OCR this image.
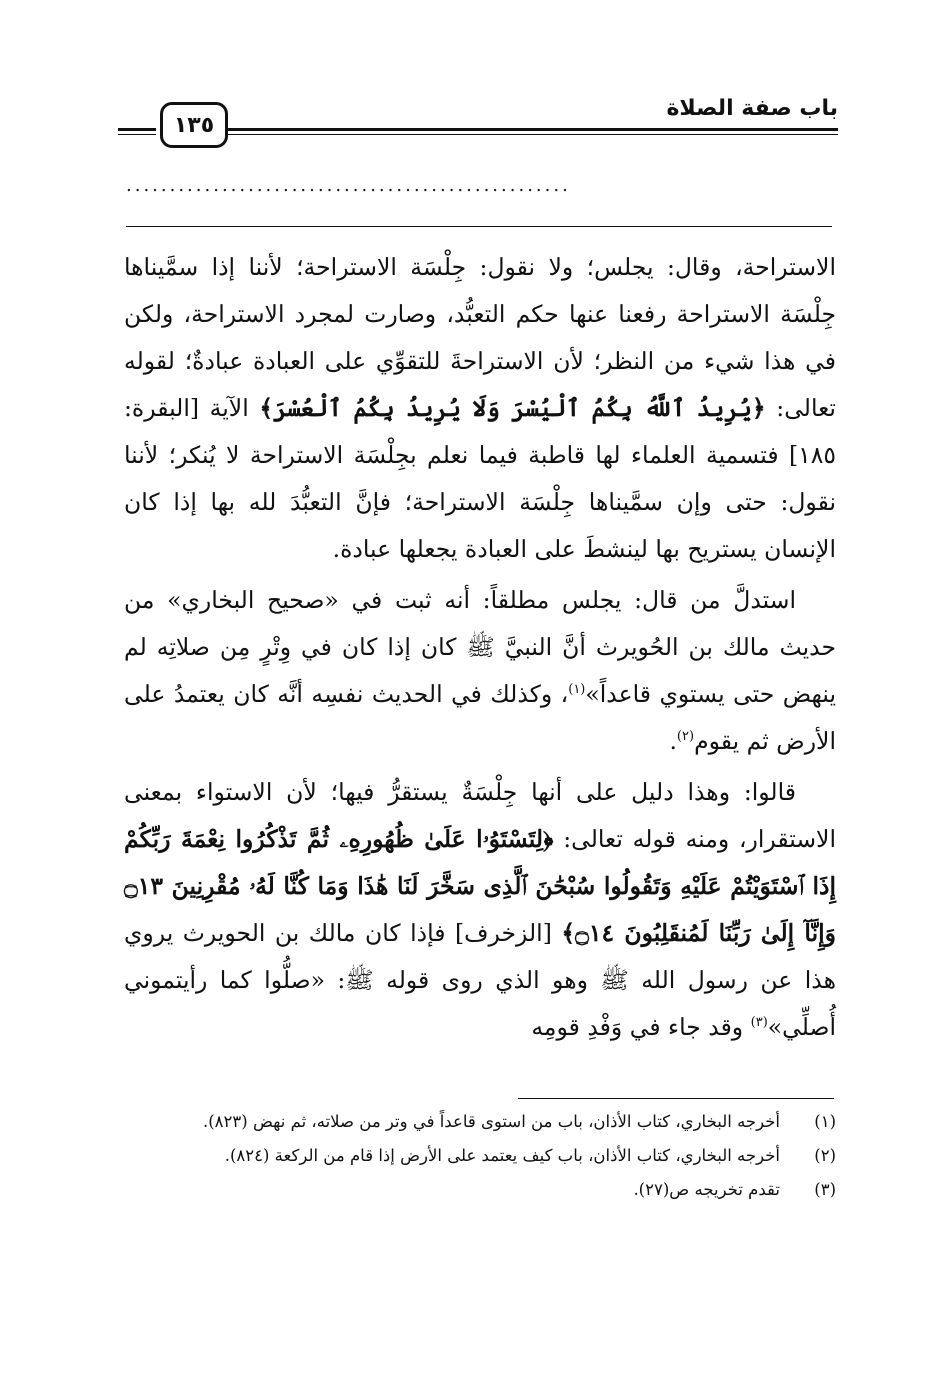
باب صفة الصلاة
١٣٥
...................................................

الاستراحة، وقال: يجلس؛ ولا نقول: جِلْسَة الاستراحة؛ لأننا إذا سمَّيناها جِلْسَة الاستراحة رفعنا عنها حكم التعبُّد، وصارت لمجرد الاستراحة، ولكن في هذا شيء من النظر؛ لأن الاستراحةَ للتقوِّي على العبادة عبادةٌ؛ لقوله تعالى: ﴿يُرِيدُ ٱللَّهُ بِكُمُ ٱلْيُسْرَ وَلَا يُرِيدُ بِكُمُ ٱلْعُسْرَ﴾ الآية [البقرة: ١٨٥] فتسمية العلماء لها قاطبة فيما نعلم بجِلْسَة الاستراحة لا يُنكر؛ لأننا نقول: حتى وإن سمَّيناها جِلْسَة الاستراحة؛ فإنَّ التعبُّدَ لله بها إذا كان الإنسان يستريح بها لينشطَ على العبادة يجعلها عبادة.

استدلَّ من قال: يجلس مطلقاً: أنه ثبت في «صحيح البخاري» من حديث مالك بن الحُويرث أنَّ النبيَّ ﷺ كان إذا كان في وِتْرٍ مِن صلاتِه لم ينهض حتى يستوي قاعداً»$^{(١)}$، وكذلك في الحديث نفسِه أنَّه كان يعتمدُ على الأرض ثم يقوم$^{(٢)}$.

قالوا: وهذا دليل على أنها جِلْسَةٌ يستقرُّ فيها؛ لأن الاستواء بمعنى الاستقرار، ومنه قوله تعالى: ﴿لِتَسْتَوُۥا عَلَىٰ ظُهُورِهِۦ ثُمَّ تَذْكُرُوا نِعْمَةَ رَبِّكُمْ إِذَا ٱسْتَوَيْتُمْ عَلَيْهِ وَتَقُولُوا سُبْحَٰنَ ٱلَّذِى سَخَّرَ لَنَا هَٰذَا وَمَا كُنَّا لَهُۥ مُقْرِنِينَ ۝١٣ وَإِنَّآ إِلَىٰ رَبِّنَا لَمُنقَلِبُونَ ۝١٤﴾ [الزخرف] فإذا كان مالك بن الحويرث يروي هذا عن رسول الله ﷺ وهو الذي روى قوله ﷺ: «صلُّوا كما رأيتموني أُصلِّي»$^{(٣)}$ وقد جاء في وَفْدِ قومِه

(١)
أخرجه البخاري، كتاب الأذان، باب من استوى قاعداً في وتر من صلاته، ثم نهض (٨٢٣).
(٢)
أخرجه البخاري، كتاب الأذان، باب كيف يعتمد على الأرض إذا قام من الركعة (٨٢٤).
(٣)
تقدم تخريجه ص(٢٧).
